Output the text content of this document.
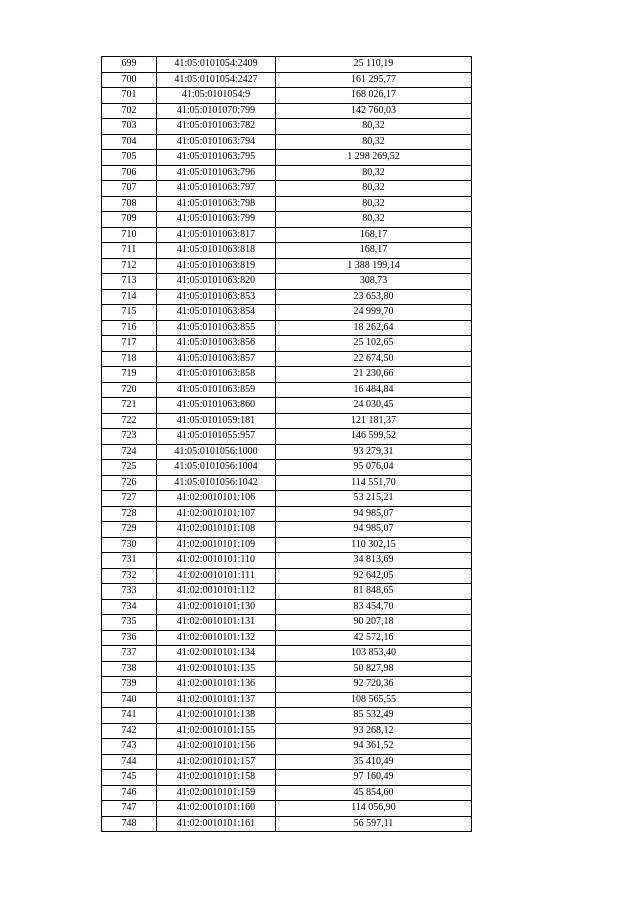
699	41:05:0101054:2409	25 110,19
700	41:05:0101054:2427	161 295,77
701	41:05:0101054:9	168 026,17
702	41:05:0101070:799	142 760,03
703	41:05:0101063:782	80,32
704	41:05:0101063:794	80,32
705	41:05:0101063:795	1 298 269,52
706	41:05:0101063:796	80,32
707	41:05:0101063:797	80,32
708	41:05:0101063:798	80,32
709	41:05:0101063:799	80,32
710	41:05:0101063:817	168,17
711	41:05:0101063:818	168,17
712	41:05:0101063:819	1 388 199,14
713	41:05:0101063:820	308,73
714	41:05:0101063:853	23 653,80
715	41:05:0101063:854	24 999,70
716	41:05:0101063:855	18 262,64
717	41:05:0101063:856	25 102,65
718	41:05:0101063:857	22 674,50
719	41:05:0101063:858	21 230,66
720	41:05:0101063:859	16 484,84
721	41:05:0101063:860	24 030,45
722	41:05:0101059:181	121 181,37
723	41:05:0101055:957	146 599,52
724	41:05:0101056:1000	93 279,31
725	41:05:0101056:1004	95 076,04
726	41:05:0101056:1042	114 551,70
727	41:02:0010101:106	53 215,21
728	41:02:0010101:107	94 985,07
729	41:02:0010101:108	94 985,07
730	41:02:0010101:109	110 302,15
731	41:02:0010101:110	34 813,69
732	41:02:0010101:111	92 642,05
733	41:02:0010101:112	81 848,65
734	41:02:0010101:130	83 454,70
735	41:02:0010101:131	90 207,18
736	41:02:0010101:132	42 572,16
737	41:02:0010101:134	103 853,40
738	41:02:0010101:135	50 827,98
739	41:02:0010101:136	92 720,36
740	41:02:0010101:137	108 565,55
741	41:02:0010101:138	85 532,49
742	41:02:0010101:155	93 268,12
743	41:02:0010101:156	94 361,52
744	41:02:0010101:157	35 410,49
745	41:02:0010101:158	97 160,49
746	41:02:0010101:159	45 854,60
747	41:02:0010101:160	114 056,90
748	41:02:0010101:161	56 597,11
